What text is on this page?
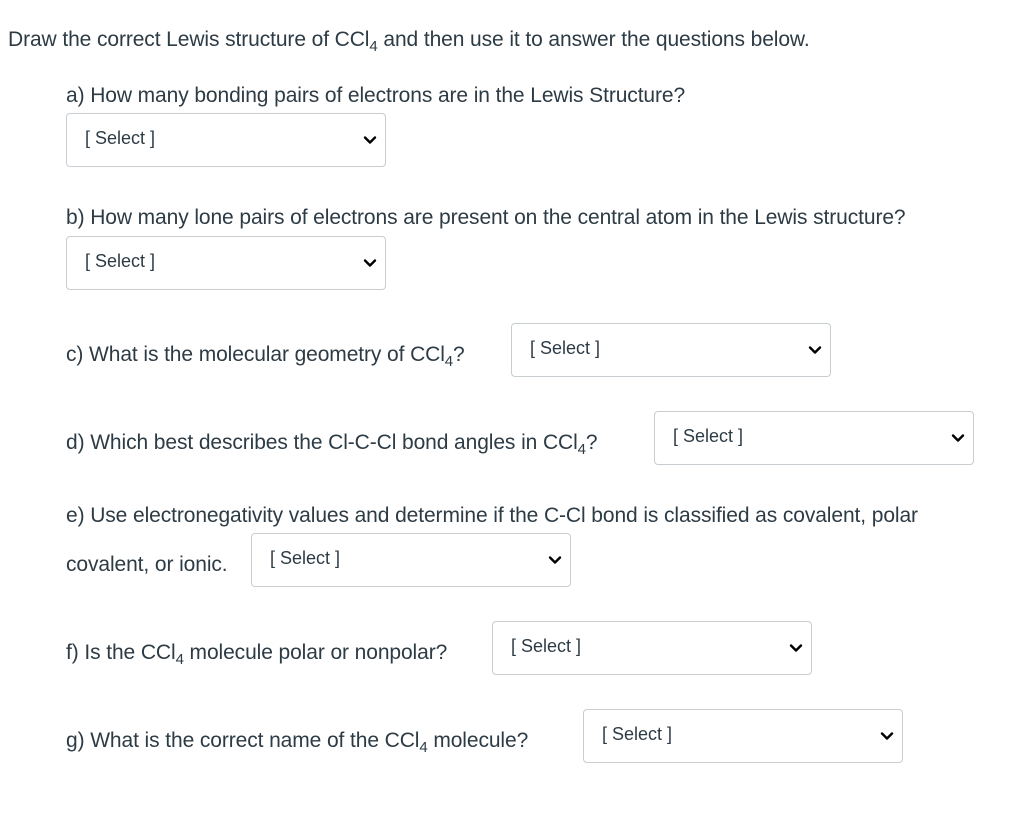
Draw the correct Lewis structure of CCl$_4$ and then use it to answer the questions below.
a) How many bonding pairs of electrons are in the Lewis Structure?
[ Select ]
b) How many lone pairs of electrons are present on the central atom in the Lewis structure?
[ Select ]
c) What is the molecular geometry of CCl$_4$?	[ Select ]
d) Which best describes the Cl-C-Cl bond angles in CCl$_4$?	[ Select ]
e) Use electronegativity values and determine if the C-Cl bond is classified as covalent, polar
covalent, or ionic. [ Select ]
f) Is the CCl$_4$ molecule polar or nonpolar?	[ Select ]
g) What is the correct name of the CCl$_4$ molecule?	[ Select ]
